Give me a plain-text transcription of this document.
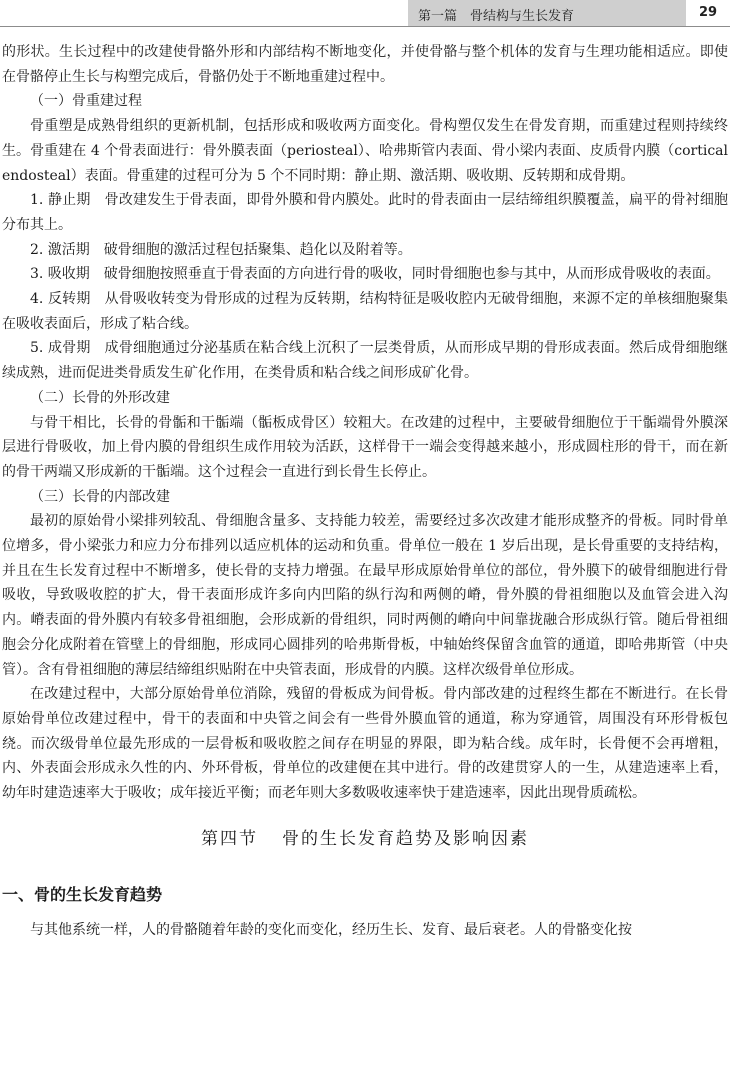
第一篇　骨结构与生长发育	29

的形状。生长过程中的改建使骨骼外形和内部结构不断地变化，并使骨骼与整个机体的发育与生理功能相适应。即使在骨骼停止生长与构塑完成后，骨骼仍处于不断地重建过程中。

（一）骨重建过程

骨重塑是成熟骨组织的更新机制，包括形成和吸收两方面变化。骨构塑仅发生在骨发育期，而重建过程则持续终生。骨重建在 4 个骨表面进行：骨外膜表面（periosteal）、哈弗斯管内表面、骨小梁内表面、皮质骨内膜（cortical endosteal）表面。骨重建的过程可分为 5 个不同时期：静止期、激活期、吸收期、反转期和成骨期。

1. 静止期　骨改建发生于骨表面，即骨外膜和骨内膜处。此时的骨表面由一层结缔组织膜覆盖，扁平的骨衬细胞分布其上。

2. 激活期　破骨细胞的激活过程包括聚集、趋化以及附着等。

3. 吸收期　破骨细胞按照垂直于骨表面的方向进行骨的吸收，同时骨细胞也参与其中，从而形成骨吸收的表面。

4. 反转期　从骨吸收转变为骨形成的过程为反转期，结构特征是吸收腔内无破骨细胞，来源不定的单核细胞聚集在吸收表面后，形成了粘合线。

5. 成骨期　成骨细胞通过分泌基质在粘合线上沉积了一层类骨质，从而形成早期的骨形成表面。然后成骨细胞继续成熟，进而促进类骨质发生矿化作用，在类骨质和粘合线之间形成矿化骨。

（二）长骨的外形改建

与骨干相比，长骨的骨骺和干骺端（骺板成骨区）较粗大。在改建的过程中，主要破骨细胞位于干骺端骨外膜深层进行骨吸收，加上骨内膜的骨组织生成作用较为活跃，这样骨干一端会变得越来越小，形成圆柱形的骨干，而在新的骨干两端又形成新的干骺端。这个过程会一直进行到长骨生长停止。

（三）长骨的内部改建

最初的原始骨小梁排列较乱、骨细胞含量多、支持能力较差，需要经过多次改建才能形成整齐的骨板。同时骨单位增多，骨小梁张力和应力分布排列以适应机体的运动和负重。骨单位一般在 1 岁后出现，是长骨重要的支持结构，并且在生长发育过程中不断增多，使长骨的支持力增强。在最早形成原始骨单位的部位，骨外膜下的破骨细胞进行骨吸收，导致吸收腔的扩大，骨干表面形成许多向内凹陷的纵行沟和两侧的嵴，骨外膜的骨祖细胞以及血管会进入沟内。嵴表面的骨外膜内有较多骨祖细胞，会形成新的骨组织，同时两侧的嵴向中间靠拢融合形成纵行管。随后骨祖细胞会分化成附着在管壁上的骨细胞，形成同心圆排列的哈弗斯骨板，中轴始终保留含血管的通道，即哈弗斯管（中央管）。含有骨祖细胞的薄层结缔组织贴附在中央管表面，形成骨的内膜。这样次级骨单位形成。

在改建过程中，大部分原始骨单位消除，残留的骨板成为间骨板。骨内部改建的过程终生都在不断进行。在长骨原始骨单位改建过程中，骨干的表面和中央管之间会有一些骨外膜血管的通道，称为穿通管，周围没有环形骨板包绕。而次级骨单位最先形成的一层骨板和吸收腔之间存在明显的界限，即为粘合线。成年时，长骨便不会再增粗，内、外表面会形成永久性的内、外环骨板，骨单位的改建便在其中进行。骨的改建贯穿人的一生，从建造速率上看，幼年时建造速率大于吸收；成年接近平衡；而老年则大多数吸收速率快于建造速率，因此出现骨质疏松。

第四节 骨的生长发育趋势及影响因素
一、骨的生长发育趋势

与其他系统一样，人的骨骼随着年龄的变化而变化，经历生长、发育、最后衰老。人的骨骼变化按
